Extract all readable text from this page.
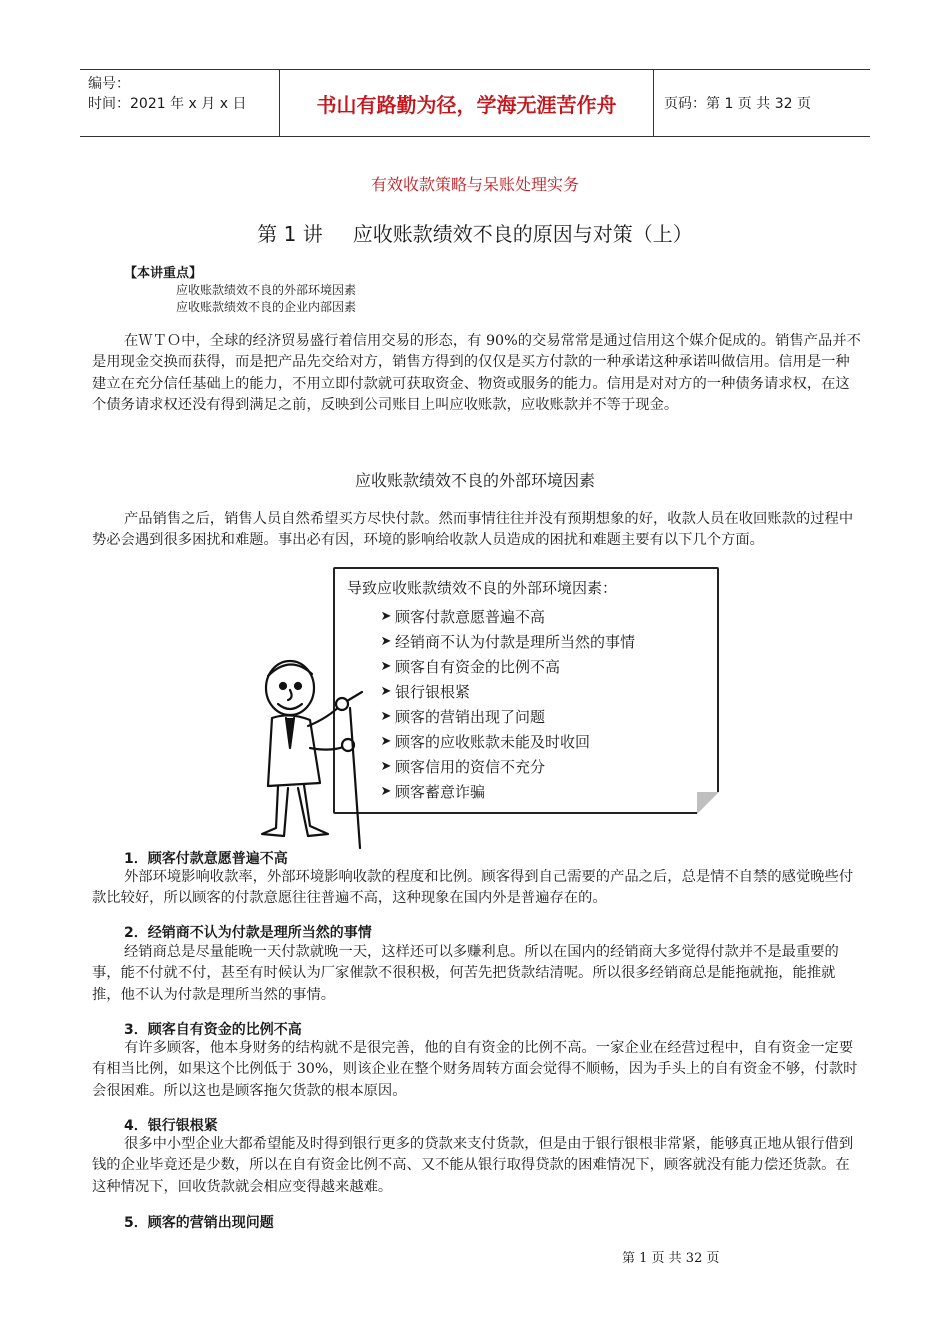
编号：
时间：2021 年 x 月 x 日	书山有路勤为径，学海无涯苦作舟	页码：第 1 页 共 32 页
有效收款策略与呆账处理实务
第 1 讲 应收账款绩效不良的原因与对策（上）
【本讲重点】
应收账款绩效不良的外部环境因素
应收账款绩效不良的企业内部因素

在ＷＴＯ中，全球的经济贸易盛行着信用交易的形态，有 90%的交易常常是通过信用这个媒介促成的。销售产品并不是用现金交换而获得，而是把产品先交给对方，销售方得到的仅仅是买方付款的一种承诺这种承诺叫做信用。信用是一种建立在充分信任基础上的能力，不用立即付款就可获取资金、物资或服务的能力。信用是对对方的一种债务请求权，在这个债务请求权还没有得到满足之前，反映到公司账目上叫应收账款，应收账款并不等于现金。

应收账款绩效不良的外部环境因素

产品销售之后，销售人员自然希望买方尽快付款。然而事情往往并没有预期想象的好，收款人员在收回账款的过程中势必会遇到很多困扰和难题。事出必有因，环境的影响给收款人员造成的困扰和难题主要有以下几个方面。

导致应收账款绩效不良的外部环境因素：
➤ 顾客付款意愿普遍不高
➤ 经销商不认为付款是理所当然的事情
➤ 顾客自有资金的比例不高
➤ 银行银根紧
➤ 顾客的营销出现了问题
➤ 顾客的应收账款未能及时收回
➤ 顾客信用的资信不充分
➤ 顾客蓄意诈骗
1．顾客付款意愿普遍不高

外部环境影响收款率，外部环境影响收款的程度和比例。顾客得到自己需要的产品之后，总是情不自禁的感觉晚些付款比较好，所以顾客的付款意愿往往普遍不高，这种现象在国内外是普遍存在的。

2．经销商不认为付款是理所当然的事情

经销商总是尽量能晚一天付款就晚一天，这样还可以多赚利息。所以在国内的经销商大多觉得付款并不是最重要的事，能不付就不付，甚至有时候认为厂家催款不很积极，何苦先把货款结清呢。所以很多经销商总是能拖就拖，能推就推，他不认为付款是理所当然的事情。

3．顾客自有资金的比例不高

有许多顾客，他本身财务的结构就不是很完善，他的自有资金的比例不高。一家企业在经营过程中，自有资金一定要有相当比例，如果这个比例低于 30%，则该企业在整个财务周转方面会觉得不顺畅，因为手头上的自有资金不够，付款时会很困难。所以这也是顾客拖欠货款的根本原因。

4．银行银根紧

很多中小型企业大都希望能及时得到银行更多的贷款来支付货款，但是由于银行银根非常紧，能够真正地从银行借到钱的企业毕竟还是少数，所以在自有资金比例不高、又不能从银行取得贷款的困难情况下，顾客就没有能力偿还货款。在这种情况下，回收货款就会相应变得越来越难。

5．顾客的营销出现问题
第 1 页 共 32 页
